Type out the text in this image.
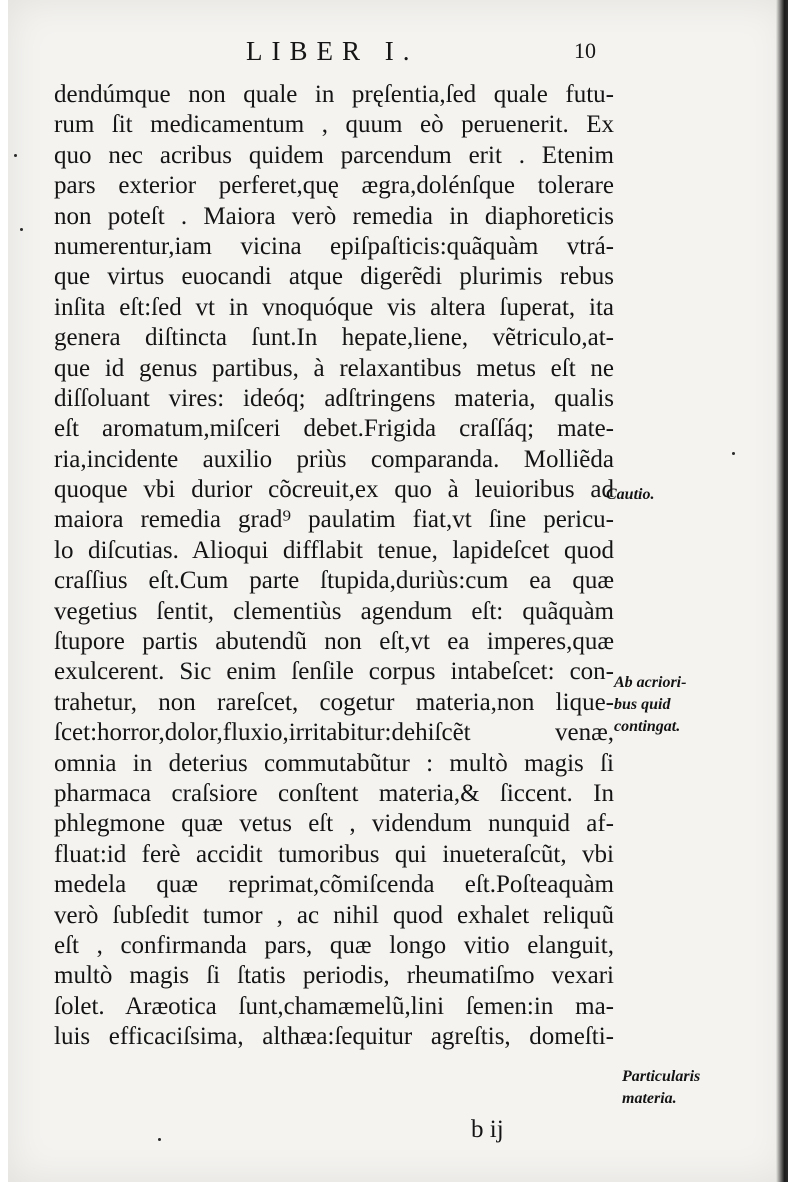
LIBER I.	10
dendúmque non quale in pręſentia,ſed quale futu-
rum ſit medicamentum , quum eò peruenerit. Ex
quo nec acribus quidem parcendum erit . Etenim
pars exterior perferet,quę ægra,dolénſque tolerare
non poteſt . Maiora verò remedia in diaphoreticis
numerentur,iam vicina epiſpaſticis:quãquàm vtrá-
que virtus euocandi atque digerẽdi plurimis rebus
inſita eſt:ſed vt in vnoquóque vis altera ſuperat, ita
genera diſtincta ſunt.In hepate,liene, vẽtriculo,at-
que id genus partibus, à relaxantibus metus eſt ne
diſſoluant vires: ideóq; adſtringens materia, qualis
eſt aromatum,miſceri debet.Frigida craſſáq; mate-
ria,incidente auxilio priùs comparanda. Molliẽda
quoque vbi durior cõcreuit,ex quo à leuioribus ad
maiora remedia grad⁹ paulatim fiat,vt ſine pericu-
lo diſcutias. Alioqui difflabit tenue, lapideſcet quod
craſſius eſt.Cum parte ſtupida,duriùs:cum ea quæ
vegetius ſentit, clementiùs agendum eſt: quãquàm
ſtupore partis abutendũ non eſt,vt ea imperes,quæ
exulcerent. Sic enim ſenſile corpus intabeſcet: con-
trahetur, non rareſcet, cogetur materia,non lique-
ſcet:horror,dolor,fluxio,irritabitur:dehiſcẽt venæ,
omnia in deterius commutabũtur : multò magis ſi
pharmaca craſsiore conſtent materia,& ſiccent. In
phlegmone quæ vetus eſt , videndum nunquid af-
fluat:id ferè accidit tumoribus qui inueteraſcũt, vbi
medela quæ reprimat,cõmiſcenda eſt.Poſteaquàm
verò ſubſedit tumor , ac nihil quod exhalet reliquũ
eſt , confirmanda pars, quæ longo vitio elanguit,
multò magis ſi ſtatis periodis, rheumatiſmo vexari
ſolet. Aræotica ſunt,chamæmelũ,lini ſemen:in ma-
luis efficaciſsima, althæa:ſequitur agreſtis, domeſti-
Cautio.
Ab acriori-
bus quid
contingat.
Particularis
materia.
b ij
